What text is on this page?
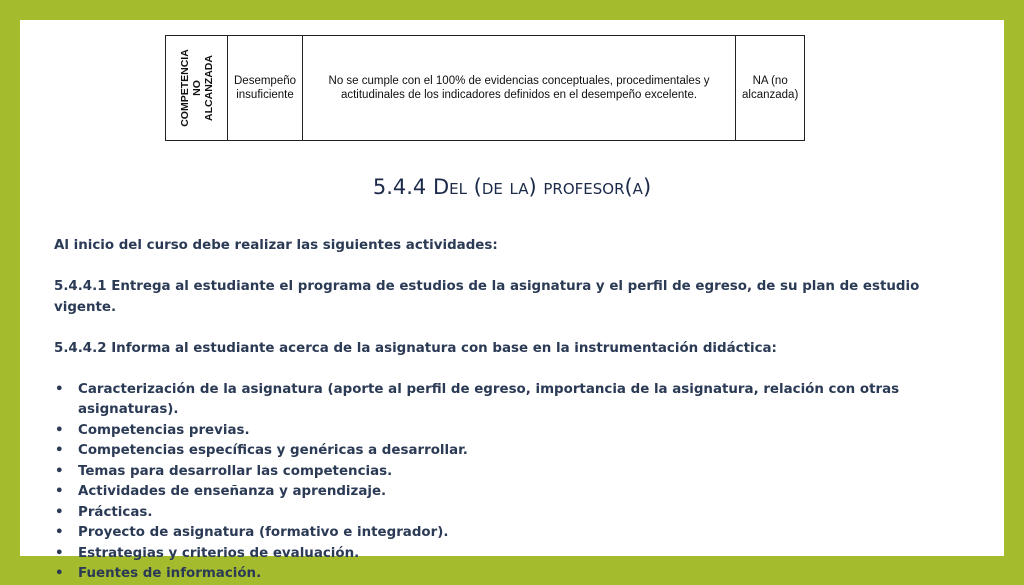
COMPETENCIA NO ALCANZADA	Desempeño insuficiente	No se cumple con el 100% de evidencias conceptuales, procedimentales y actitudinales de los indicadores definidos en el desempeño excelente.	NA (no alcanzada)
5.4.4 Del (de la) profesor(a)

Al inicio del curso debe realizar las siguientes actividades:

5.4.4.1 Entrega al estudiante el programa de estudios de la asignatura y el perfil de egreso, de su plan de estudio vigente.

5.4.4.2 Informa al estudiante acerca de la asignatura con base en la instrumentación didáctica:

• Caracterización de la asignatura (aporte al perfil de egreso, importancia de la asignatura, relación con otras asignaturas).
• Competencias previas.
• Competencias específicas y genéricas a desarrollar.
• Temas para desarrollar las competencias.
• Actividades de enseñanza y aprendizaje.
• Prácticas.
• Proyecto de asignatura (formativo e integrador).
• Estrategias y criterios de evaluación.
• Fuentes de información.
